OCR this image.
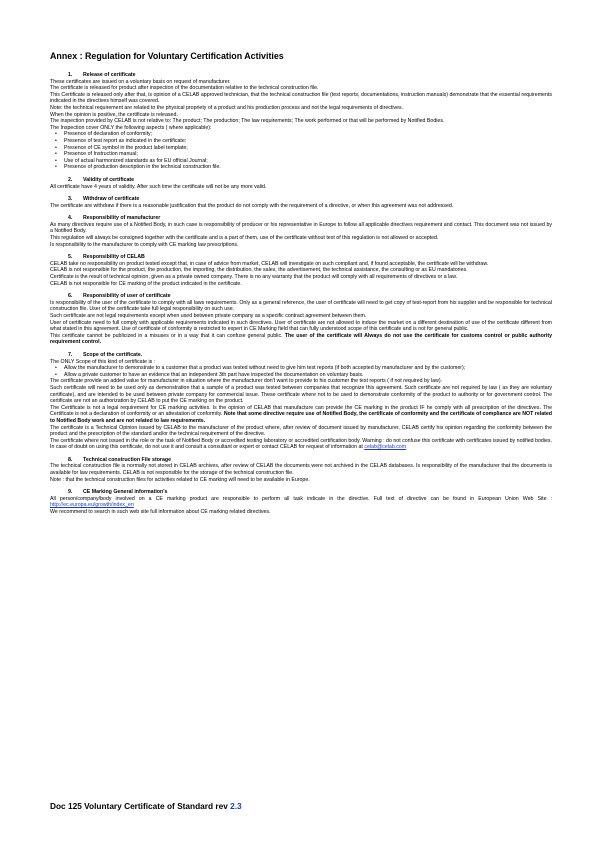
Annex : Regulation for Voluntary Certification Activities
1. Release of certificate

These certificates are issued on a voluntary basis on request of manufacturer.

The certificate is released for product after inspection of the documentation relative to the technical construction file.

This Certificate is released only after that, is opinion of a CELAB approved technician, that the technical construction file (test reports, documentations, instruction manuals) demonstrate that the essential requirements indicated in the directives himself was covered.

Note: the technical requirement are related to the physical propriety of a product and his production process and not the legal requirements of directives.

When the opinion is positive, the certificate is released.

The inspection provided by CELAB is not relative to: The product; The production; The law requirements; The work performed or that will be performed by Notified Bodies.

The Inspection cover ONLY the following aspects ( where applicable):

• Presence of declaration of conformity;
• Presence of test report as indicated in the certificate;
• Presence of CE symbol in the product label template;
• Presence of Instruction manual;
• Use of actual harmonized standards as for EU official Journal;
• Presence of production description in the technical construction file.
2. Validity of certificate

All certificate have 4 years of validity. After such time the certificate will not be any more valid.

3. Withdraw of certificate

The certificate are withdraw if there is a reasonable justification that the product do not comply with the requirement of a directive, or when this agreement was not addressed.

4. Responsibility of manufacturer

As many directives require use of a Notified Body, in such case is responsibility of producer or his representative in Europe to follow all applicable directives requirement and contact. This document was not issued by a Notified Body.

This regulation will always be consigned together with the certificate and is a part of them, use of the certificate without text of this regulation is not allowed or accepted.

Is responsibility to the manufacturer to comply with CE marking law prescriptions.

5. Responsibility of CELAB

CELAB take no responsibility on product tested except that, in case of advice from market, CELAB will investigate on such compliant and, if found acceptable, the certificate will be withdraw.

CELAB is not responsible for the product, the production, the importing, the distribution, the sales, the advertisement, the technical assistance, the consulting or as EU mandatories.

Certificate is the result of technical opinion, given as a private owned company. There is no any warranty that the product will comply with all requirements of directives or a law.

CELAB is not responsible for CE marking of the product indicated in the certificate.

6. Responsibility of user of certificate

Is responsibility of the user of the certificate to comply with all laws requirements. Only as a general reference, the user of certificate will need to get copy of test-report from his supplier and be responsible for technical construction file. User of the certificate take full legal responsibility on such use.

Such certificate are not legal requirements except when used between private company as a specific contract agreement between them.

User of certificate need to full comply with applicable requirements indicated in such directives. User of certificate are not allowed to induce the market on a different destination of use of the certificate different from what stated in this agreement. Use of certificate of conformity is restricted to expert in CE Marking field that can fully understood scope of this certificate and is not for general public.

This certificate cannot be publicized in a misuses or in a way that it can confuse general public. The user of the certificate will Always do not use the certificate for customs control or public authority requirement control.

7. Scope of the certificate.

The ONLY Scope of this kind of certificate is :

• Allow the manufacturer to demonstrate to a customer that a product was tested without need to give him test reports (if both accepted by manufacturer and by the customer);
• Allow a private customer to have an evidence that an independent 3th part have inspected the documentation on voluntary basis.

The certificate provide an added value for manufacturer in situation where the manufacturer don't want to provide to his customer the test reports ( if not required by law).

Such certificate will need to be used only as demonstration that a sample of a product was tested between companies that recognize this agreement. Such certificate are not required by law ( as they are voluntary certificate), and are intended to be used between private company for commercial issue. These certificate where not to be used to demonstrate conformity of the product to authority or for government control. The certificate are not an authorization by CELAB to put the CE marking on the product.

The Certificate is not a legal requirement for CE marking activities. Is the opinion of CELAB that manufacture can provide the CE marking in the product IF he comply with all prescription of the directives. The Certificate is not a declaration of conformity or an attestation of conformity. Note that some directive require use of Notified Body, the certificate of conformity and the certificate of compliance are NOT related to Notified Body work and are not related to law requirements.

The certificate is a Technical Opinion issued by CELAB to the manufacturer of the product where, after review of document issued by manufacturer, CELAB certify his opinion regarding the conformity between the product and the prescription of the standard and/or the technical requirement of the directive.

The certificate where not issued in the role or the task of Notified Body or accredited testing laboratory or accredited certification body. Warning : do not confuse this certificate with certificates issued by notified bodies. In case of doubt on using this certificate, do not use it and consult a consultant or expert or contact CELAB for request of information at celab@celab.com

8. Technical construction File storage

The technical construction file is normally not stored in CELAB archives, after review of CELAB the documents were not archived in the CELAB databases. Is responsibility of the manufacturer that the documents is available for law requirements. CELAB is not responsible for the storage of the technical construction file.

Note : that the technical construction files for activities related to CE marking will need to be available in Europe.

9. CE Marking General information's

All person/company/body involved on a CE marking product are responsible to perform all task indicate in the directive. Full text of directive can be found in European Union Web Site : http://ec.europa.eu/growth/index_en

We recommend to search in such web site full information about CE marking related directives.

Doc 125 Voluntary Certificate of Standard rev 2.3
